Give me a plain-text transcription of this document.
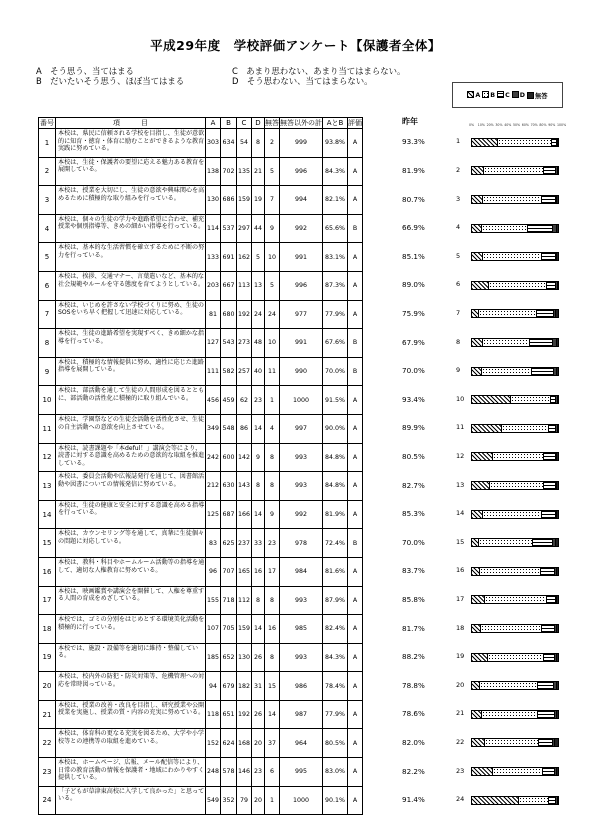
平成29年度　学校評価アンケート【保護者全体】
A　そう思う、当てはまる
B　だいたいそう思う、ほぼ当てはまる
C　あまり思わない、あまり当てはまらない。
D　そう思わない、当てはまらない。
A	B	C	D	無答
番号	項　　　目	A	B	C	D	無答	無答以外の計	AとB	評価
1	本校は、県民に信頼される学校を目指し、生徒が意欲的に知育・徳育・体育に励むことができるような教育実践に努めている。	303	634	54	8	2	999	93.8%	A
2	本校は、生徒・保護者の要望に応える魅力ある教育を展開している。	138	702	135	21	5	996	84.3%	A
3	本校は、授業を大切にし、生徒の意欲や興味関心を高めるために積極的な取り組みを行っている。	130	686	159	19	7	994	82.1%	A
4	本校は、個々の生徒の学力や進路希望に合わせ、補充授業や個別指導等、きめの細かい指導を行っている。	114	537	297	44	9	992	65.6%	B
5	本校は、基本的な生活習慣を確立するために不断の努力を行っている。	133	691	162	5	10	991	83.1%	A
6	本校は、挨拶、交通マナー、言葉遣いなど、基本的な社会規範やルールを守る態度を育てようとしている。	203	667	113	13	5	996	87.3%	A
7	本校は、いじめを許さない学校づくりに努め、生徒のSOSをいち早く把握して迅速に対応している。	81	680	192	24	24	977	77.9%	A
8	本校は、生徒の進路希望を実現すべく、きめ細かな指導を行っている。	127	543	273	48	10	991	67.6%	B
9	本校は、積極的な情報提供に努め、適性に応じた進路指導を展開している。	111	582	257	40	11	990	70.0%	B
10	本校は、部活動を通して生徒の人間形成を図るとともに、部活動の活性化に積極的に取り組んでいる。	456	459	62	23	1	1000	91.5%	A
11	本校は、学園祭などの生徒会活動を活性化させ、生徒の自主活動への意欲を向上させている。	349	548	86	14	4	997	90.0%	A
12	本校は、読書課題や「本deful！」講演会等により、読書に対する意識を高めるための意欲的な取組を推進している。	242	600	142	9	8	993	84.8%	A
13	本校は、委員会活動や広報誌発行を通じて、図書館活動や図書についての情報発信に努めている。	212	630	143	8	8	993	84.8%	A
14	本校は、生徒の健康と安全に対する意識を高める指導を行っている。	125	687	166	14	9	992	81.9%	A
15	本校は、カウンセリング等を通して、真摯に生徒個々の問題に対応している。	83	625	237	33	23	978	72.4%	B
16	本校は、教科・科目やホームルーム活動等の指導を通して、適切な人権教育に努めている。	96	707	165	16	17	984	81.6%	A
17	本校は、映画鑑賞や講演会を開催して、人権を尊重する人間の育成をめざしている。	155	718	112	8	8	993	87.9%	A
18	本校では、ゴミの分別をはじめとする環境美化活動を積極的に行っている。	107	705	159	14	16	985	82.4%	A
19	本校では、施設・設備等を適切に維持・整備している。	185	652	130	26	8	993	84.3%	A
20	本校は、校内外の防犯・防災対策等、危機管理への対応を常時図っている。	94	679	182	31	15	986	78.4%	A
21	本校は、授業の改善・改良を目指し、研究授業や公開授業を実施し、授業の質・内容の充実に努めている。	118	651	192	26	14	987	77.9%	A
22	本校は、体育科の更なる充実を図るため、大学や小学校等との連携等の取組を進めている。	152	624	168	20	37	964	80.5%	A
23	本校は、ホームページ、広報、メール配信等により、日常の教育活動の情報を保護者・地域にわかりやすく提供している。	248	578	146	23	6	995	83.0%	A
24	「子どもが草津東高校に入学して良かった」と思っている。	549	352	79	20	1	1000	90.1%	A
昨年	0% 10% 20% 30% 40% 50% 60% 70% 80% 90% 100%
93.3%
81.9%
80.7%
66.9%
85.1%
89.0%
75.9%
67.9%
70.0%
93.4%
89.9%
80.5%
82.7%
85.3%
70.0%
83.7%
85.8%
81.7%
88.2%
78.8%
78.6%
82.0%
82.2%
91.4%
1
2
3
4
5
6
7
8
9
10
11
12
13
14
15
16
17
18
19
20
21
22
23
24
